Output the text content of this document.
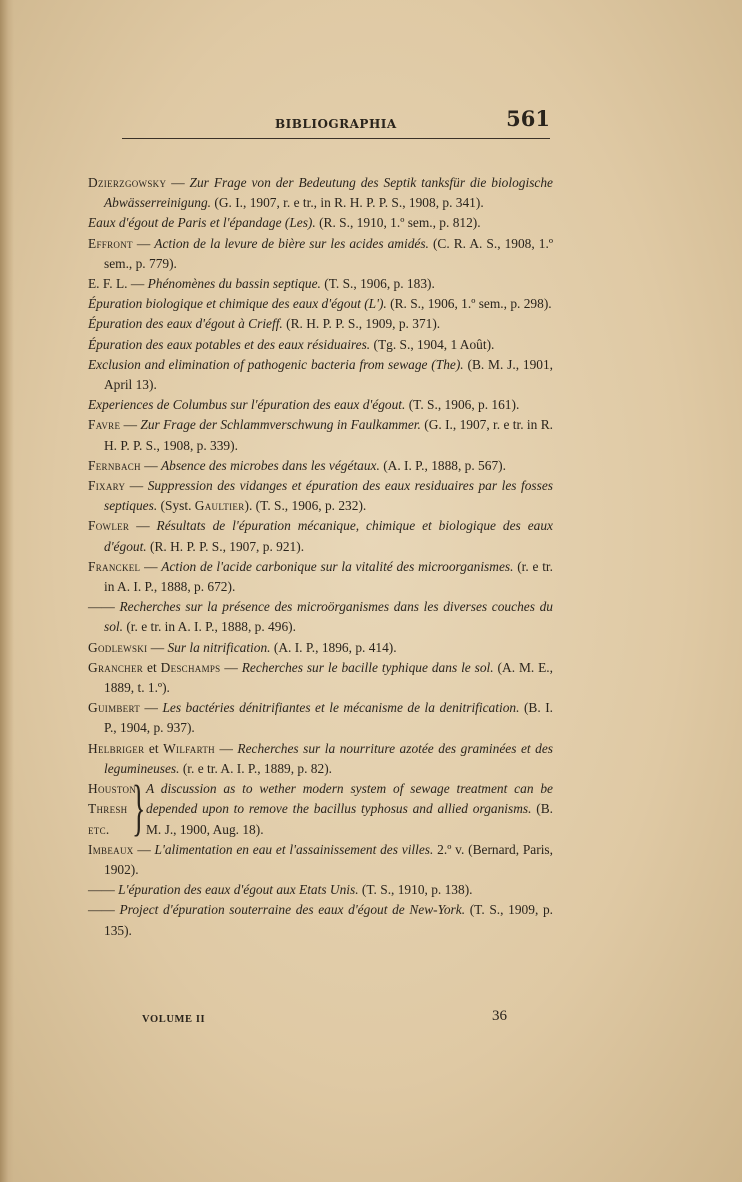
BIBLIOGRAPHIA	561
Dzierzgowsky — Zur Frage von der Bedeutung des Septik tanksfür die biologische Abwässerreinigung. (G. I., 1907, r. e tr., in R. H. P. P. S., 1908, p. 341).
Eaux d'égout de Paris et l'épandage (Les). (R. S., 1910, 1.º sem., p. 812).
Effront — Action de la levure de bière sur les acides amidés. (C. R. A. S., 1908, 1.º sem., p. 779).
E. F. L. — Phénomènes du bassin septique. (T. S., 1906, p. 183).
Épuration biologique et chimique des eaux d'égout (L'). (R. S., 1906, 1.º sem., p. 298).
Épuration des eaux d'égout à Crieff. (R. H. P. P. S., 1909, p. 371).
Épuration des eaux potables et des eaux résiduaires. (Tg. S., 1904, 1 Août).
Exclusion and elimination of pathogenic bacteria from sewage (The). (B. M. J., 1901, April 13).
Experiences de Columbus sur l'épuration des eaux d'égout. (T. S., 1906, p. 161).
Favre — Zur Frage der Schlammverschwung in Faulkammer. (G. I., 1907, r. e tr. in R. H. P. P. S., 1908, p. 339).
Fernbach — Absence des microbes dans les végétaux. (A. I. P., 1888, p. 567).
Fixary — Suppression des vidanges et épuration des eaux residuaires par les fosses septiques. (Syst. Gaultier). (T. S., 1906, p. 232).
Fowler — Résultats de l'épuration mécanique, chimique et biologique des eaux d'égout. (R. H. P. P. S., 1907, p. 921).
Franckel — Action de l'acide carbonique sur la vitalité des microorganismes. (r. e tr. in A. I. P., 1888, p. 672).
—— Recherches sur la présence des microörganismes dans les diverses couches du sol. (r. e tr. in A. I. P., 1888, p. 496).
Godlewski — Sur la nitrification. (A. I. P., 1896, p. 414).
Grancher et Deschamps — Recherches sur le bacille typhique dans le sol. (A. M. E., 1889, t. 1.º).
Guimbert — Les bactéries dénitrifiantes et le mécanisme de la denitrification. (B. I. P., 1904, p. 937).
Helbriger et Wilfarth — Recherches sur la nourriture azotée des graminées et des legumineuses. (r. e tr. A. I. P., 1889, p. 82).
Houston
Thresh
etc. } A discussion as to wether modern system of sewage treatment can be depended upon to remove the bacillus typhosus and allied organisms. (B. M. J., 1900, Aug. 18).
Imbeaux — L'alimentation en eau et l'assainissement des villes. 2.º v. (Bernard, Paris, 1902).
—— L'épuration des eaux d'égout aux Etats Unis. (T. S., 1910, p. 138).
—— Project d'épuration souterraine des eaux d'égout de New-York. (T. S., 1909, p. 135).
VOLUME II	36
